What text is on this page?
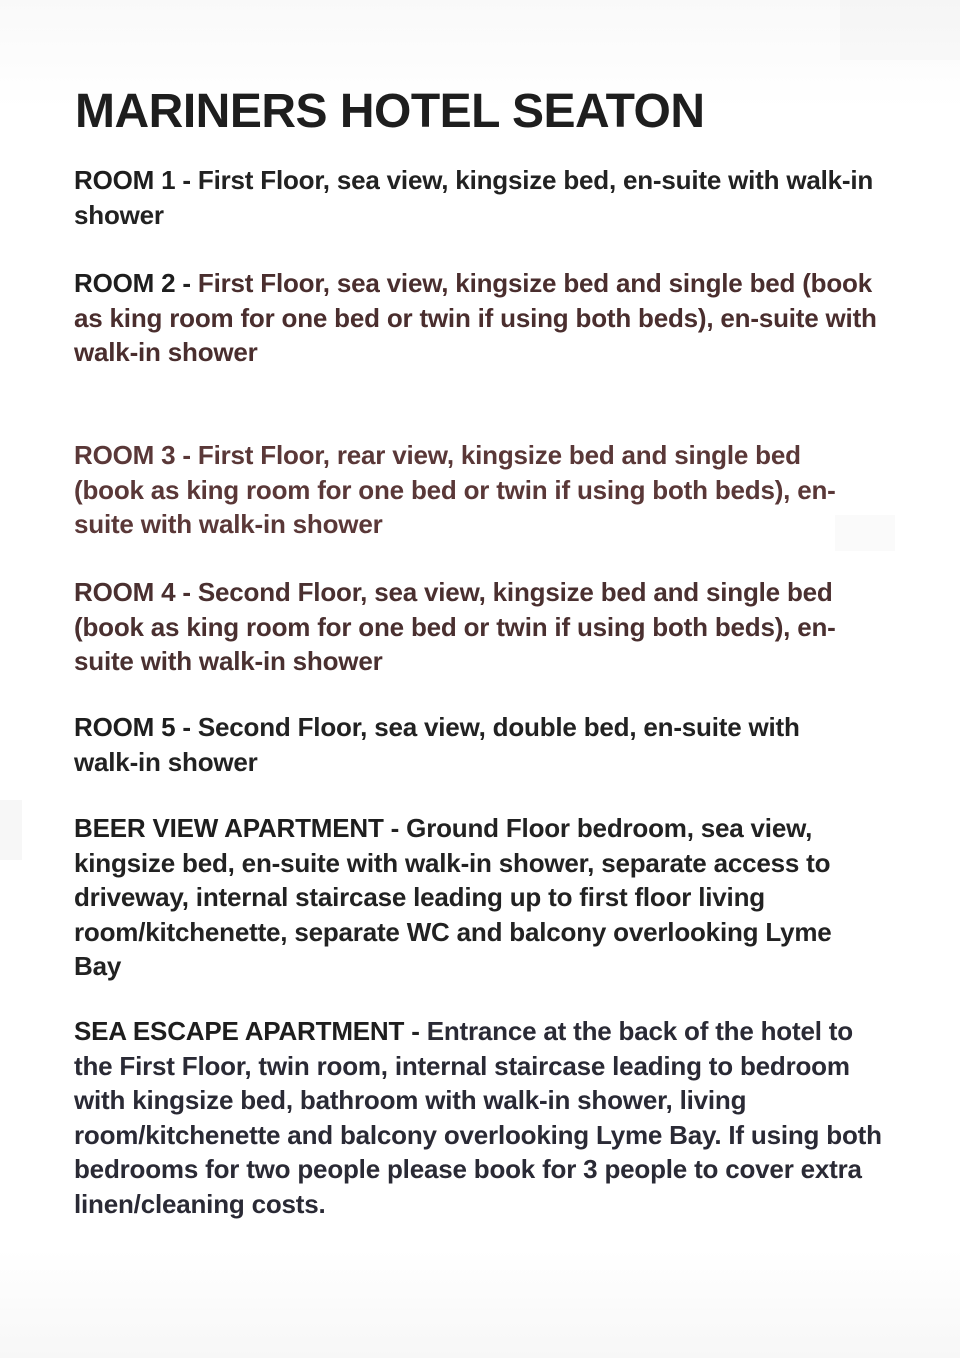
MARINERS HOTEL SEATON

ROOM 1 - First Floor, sea view, kingsize bed, en-suite with walk-in shower

ROOM 2 - First Floor, sea view, kingsize bed and single bed (book as king room for one bed or twin if using both beds), en-suite with walk-in shower

ROOM 3 - First Floor, rear view, kingsize bed and single bed (book as king room for one bed or twin if using both beds), en-suite with walk-in shower

ROOM 4 - Second Floor, sea view, kingsize bed and single bed (book as king room for one bed or twin if using both beds), en-suite with walk-in shower

ROOM 5 - Second Floor, sea view, double bed, en-suite with walk-in shower

BEER VIEW APARTMENT - Ground Floor bedroom, sea view, kingsize bed, en-suite with walk-in shower, separate access to driveway, internal staircase leading up to first floor living room/kitchenette, separate WC and balcony overlooking Lyme Bay

SEA ESCAPE APARTMENT - Entrance at the back of the hotel to the First Floor, twin room, internal staircase leading to bedroom with kingsize bed, bathroom with walk-in shower, living room/kitchenette and balcony overlooking Lyme Bay. If using both bedrooms for two people please book for 3 people to cover extra linen/cleaning costs.
